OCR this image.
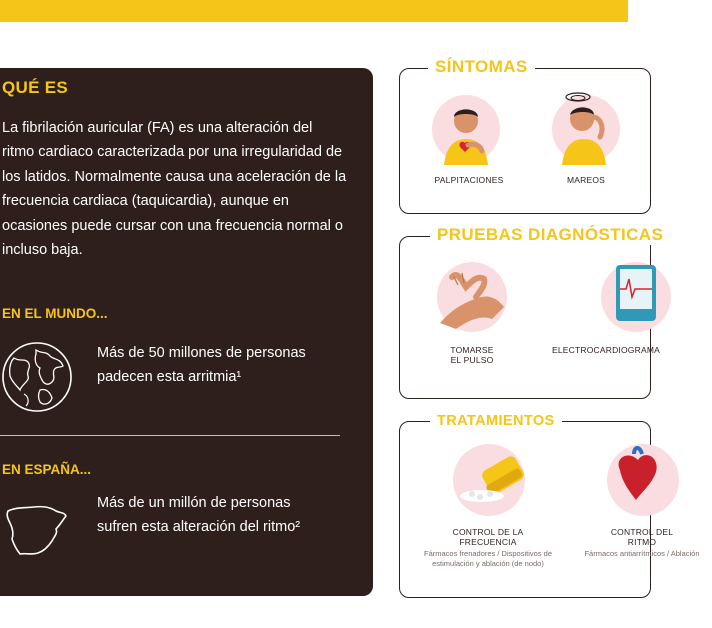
QUÉ ES
La fibrilación auricular (FA) es una alteración del ritmo cardiaco caracterizada por una irregularidad de los latidos. Normalmente causa una aceleración de la frecuencia cardiaca (taquicardia), aunque en ocasiones puede cursar con una frecuencia normal o incluso baja.
EN EL MUNDO...
Más de 50 millones de personas padecen esta arritmia¹
EN ESPAÑA...
Más de un millón de personas sufren esta alteración del ritmo²
SÍNTOMAS
PALPITACIONES	MAREOS
PRUEBAS DIAGNÓSTICAS
TOMARSE
EL PULSO
ELECTROCARDIOGRAMA
TRATAMIENTOS
CONTROL DE LA
FRECUENCIA
Fármacos frenadores / Dispositivos de estimulación y ablación (de nodo)
CONTROL DEL
RITMO
Fármacos antiarrítmicos / Ablación
